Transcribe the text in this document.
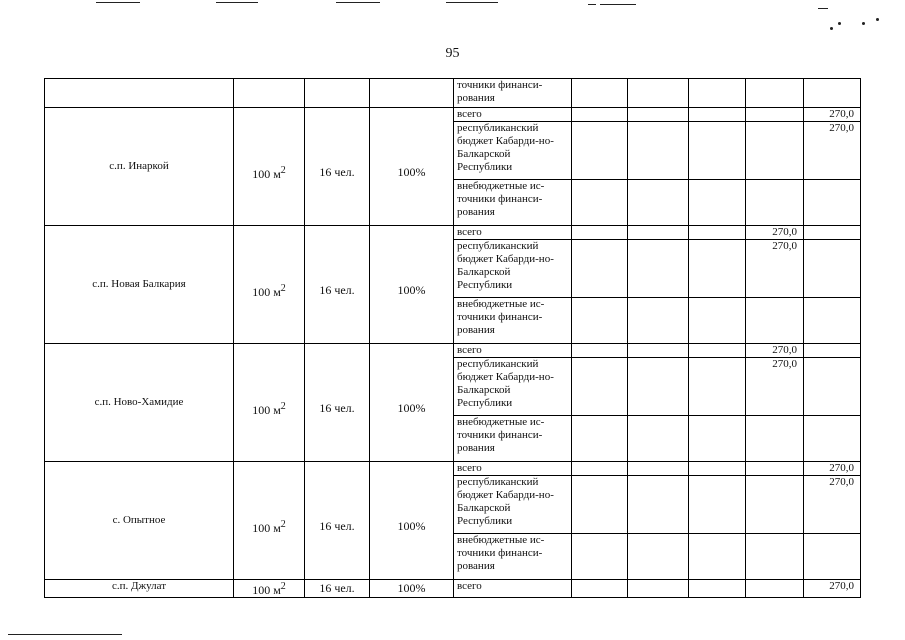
95
				точники финанси-рования					
с.п. Инаркой	100 $м^2$	16 чел.	100%	всего					270,0
				республиканский бюджет Кабарди-но-Балкарской Республики					270,0
				внебюджетные ис-точники финанси-рования					
с.п. Новая Балкария	100 $м^2$	16 чел.	100%	всего				270,0	
				республиканский бюджет Кабарди-но-Балкарской Республики				270,0	
				внебюджетные ис-точники финанси-рования					
с.п. Ново-Хамидие	100 $м^2$	16 чел.	100%	всего				270,0	
				республиканский бюджет Кабарди-но-Балкарской Республики				270,0	
				внебюджетные ис-точники финанси-рования					
с. Опытное	100 $м^2$	16 чел.	100%	всего					270,0
				республиканский бюджет Кабарди-но-Балкарской Республики					270,0
				внебюджетные ис-точники финанси-рования					
с.п. Джулат	100 $м^2$	16 чел.	100%	всего					270,0
